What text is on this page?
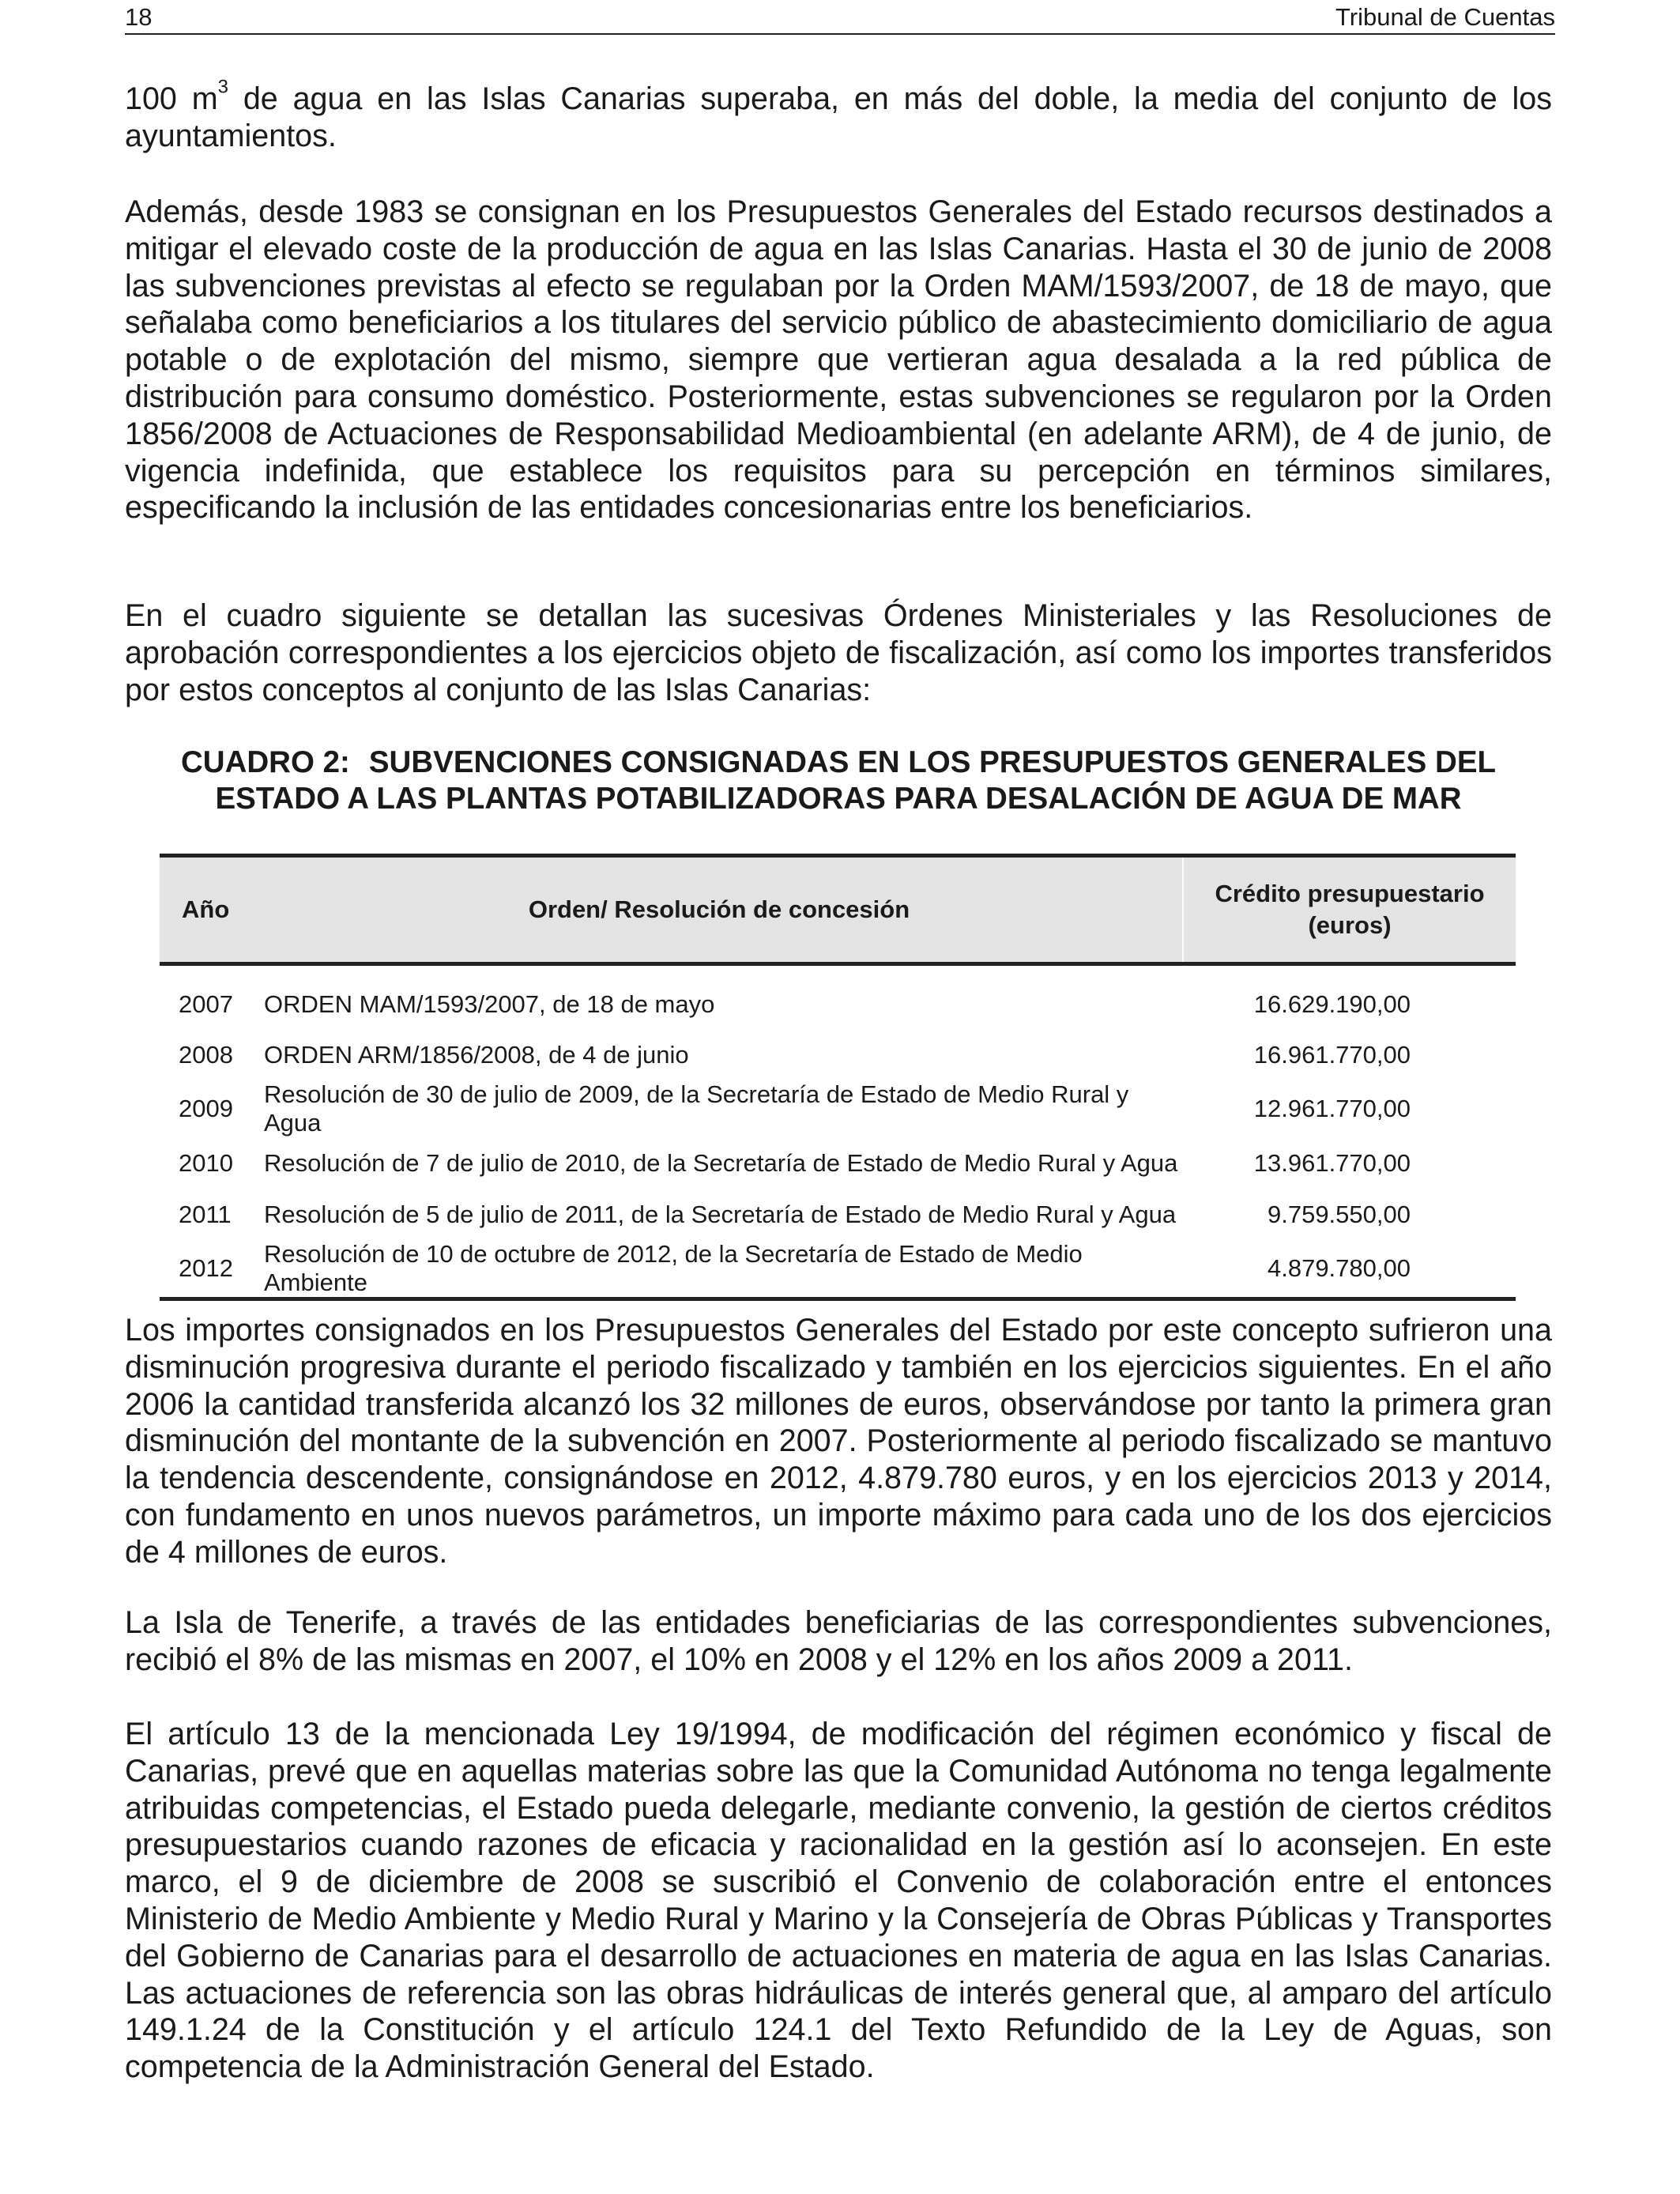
18	Tribunal de Cuentas

100 $m^3$ de agua en las Islas Canarias superaba, en más del doble, la media del conjunto de los ayuntamientos.

Además, desde 1983 se consignan en los Presupuestos Generales del Estado recursos destinados a mitigar el elevado coste de la producción de agua en las Islas Canarias. Hasta el 30 de junio de 2008 las subvenciones previstas al efecto se regulaban por la Orden MAM/1593/2007, de 18 de mayo, que señalaba como beneficiarios a los titulares del servicio público de abastecimiento domiciliario de agua potable o de explotación del mismo, siempre que vertieran agua desalada a la red pública de distribución para consumo doméstico. Posteriormente, estas subvenciones se regularon por la Orden 1856/2008 de Actuaciones de Responsabilidad Medioambiental (en adelante ARM), de 4 de junio, de vigencia indefinida, que establece los requisitos para su percepción en términos similares, especificando la inclusión de las entidades concesionarias entre los beneficiarios.

En el cuadro siguiente se detallan las sucesivas Órdenes Ministeriales y las Resoluciones de aprobación correspondientes a los ejercicios objeto de fiscalización, así como los importes transferidos por estos conceptos al conjunto de las Islas Canarias:

CUADRO 2: SUBVENCIONES CONSIGNADAS EN LOS PRESUPUESTOS GENERALES DEL
ESTADO A LAS PLANTAS POTABILIZADORAS PARA DESALACIÓN DE AGUA DE MAR
Año	Orden/ Resolución de concesión	Crédito presupuestario
(euros)
2007	ORDEN MAM/1593/2007, de 18 de mayo	16.629.190,00
2008	ORDEN ARM/1856/2008, de 4 de junio	16.961.770,00
2009	Resolución de 30 de julio de 2009, de la Secretaría de Estado de Medio Rural y Agua	12.961.770,00
2010	Resolución de 7 de julio de 2010, de la Secretaría de Estado de Medio Rural y Agua	13.961.770,00
2011	Resolución de 5 de julio de 2011, de la Secretaría de Estado de Medio Rural y Agua	9.759.550,00
2012	Resolución de 10 de octubre de 2012, de la Secretaría de Estado de Medio Ambiente	4.879.780,00

Los importes consignados en los Presupuestos Generales del Estado por este concepto sufrieron una disminución progresiva durante el periodo fiscalizado y también en los ejercicios siguientes. En el año 2006 la cantidad transferida alcanzó los 32 millones de euros, observándose por tanto la primera gran disminución del montante de la subvención en 2007. Posteriormente al periodo fiscalizado se mantuvo la tendencia descendente, consignándose en 2012, 4.879.780 euros, y en los ejercicios 2013 y 2014, con fundamento en unos nuevos parámetros, un importe máximo para cada uno de los dos ejercicios de 4 millones de euros.

La Isla de Tenerife, a través de las entidades beneficiarias de las correspondientes subvenciones, recibió el 8% de las mismas en 2007, el 10% en 2008 y el 12% en los años 2009 a 2011.

El artículo 13 de la mencionada Ley 19/1994, de modificación del régimen económico y fiscal de Canarias, prevé que en aquellas materias sobre las que la Comunidad Autónoma no tenga legalmente atribuidas competencias, el Estado pueda delegarle, mediante convenio, la gestión de ciertos créditos presupuestarios cuando razones de eficacia y racionalidad en la gestión así lo aconsejen. En este marco, el 9 de diciembre de 2008 se suscribió el Convenio de colaboración entre el entonces Ministerio de Medio Ambiente y Medio Rural y Marino y la Consejería de Obras Públicas y Transportes del Gobierno de Canarias para el desarrollo de actuaciones en materia de agua en las Islas Canarias. Las actuaciones de referencia son las obras hidráulicas de interés general que, al amparo del artículo 149.1.24 de la Constitución y el artículo 124.1 del Texto Refundido de la Ley de Aguas, son competencia de la Administración General del Estado.
